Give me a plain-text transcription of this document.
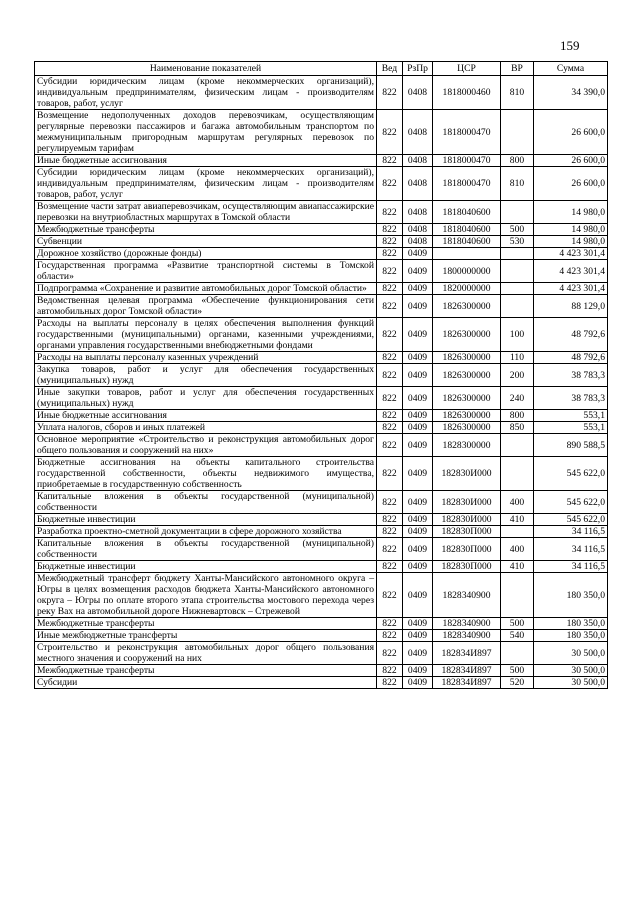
159
Наименование показателей	Вед	РзПр	ЦСР	ВР	Сумма
Субсидии юридическим лицам (кроме некоммерческих организаций), индивидуальным предпринимателям, физическим лицам - производителям товаров, работ, услуг	822	0408	1818000460	810	34 390,0
Возмещение недополученных доходов перевозчикам, осуществляющим регулярные перевозки пассажиров и багажа автомобильным транспортом по межмуниципальным пригородным маршрутам регулярных перевозок по регулируемым тарифам	822	0408	1818000470		26 600,0
Иные бюджетные ассигнования	822	0408	1818000470	800	26 600,0
Субсидии юридическим лицам (кроме некоммерческих организаций), индивидуальным предпринимателям, физическим лицам - производителям товаров, работ, услуг	822	0408	1818000470	810	26 600,0
Возмещение части затрат авиаперевозчикам, осуществляющим авиапассажирские перевозки на внутриобластных маршрутах в Томской области	822	0408	1818040600		14 980,0
Межбюджетные трансферты	822	0408	1818040600	500	14 980,0
Субвенции	822	0408	1818040600	530	14 980,0
Дорожное хозяйство (дорожные фонды)	822	0409			4 423 301,4
Государственная программа «Развитие транспортной системы в Томской области»	822	0409	1800000000		4 423 301,4
Подпрограмма «Сохранение и развитие автомобильных дорог Томской области»	822	0409	1820000000		4 423 301,4
Ведомственная целевая программа «Обеспечение функционирования сети автомобильных дорог Томской области»	822	0409	1826300000		88 129,0
Расходы на выплаты персоналу в целях обеспечения выполнения функций государственными (муниципальными) органами, казенными учреждениями, органами управления государственными внебюджетными фондами	822	0409	1826300000	100	48 792,6
Расходы на выплаты персоналу казенных учреждений	822	0409	1826300000	110	48 792,6
Закупка товаров, работ и услуг для обеспечения государственных (муниципальных) нужд	822	0409	1826300000	200	38 783,3
Иные закупки товаров, работ и услуг для обеспечения государственных (муниципальных) нужд	822	0409	1826300000	240	38 783,3
Иные бюджетные ассигнования	822	0409	1826300000	800	553,1
Уплата налогов, сборов и иных платежей	822	0409	1826300000	850	553,1
Основное мероприятие «Строительство и реконструкция автомобильных дорог общего пользования и сооружений на них»	822	0409	1828300000		890 588,5
Бюджетные ассигнования на объекты капитального строительства государственной собственности, объекты недвижимого имущества, приобретаемые в государственную собственность	822	0409	182830И000		545 622,0
Капитальные вложения в объекты государственной (муниципальной) собственности	822	0409	182830И000	400	545 622,0
Бюджетные инвестиции	822	0409	182830И000	410	545 622,0
Разработка проектно-сметной документации в сфере дорожного хозяйства	822	0409	182830П000		34 116,5
Капитальные вложения в объекты государственной (муниципальной) собственности	822	0409	182830П000	400	34 116,5
Бюджетные инвестиции	822	0409	182830П000	410	34 116,5
Межбюджетный трансферт бюджету Ханты-Мансийского автономного округа – Югры в целях возмещения расходов бюджета Ханты-Мансийского автономного округа – Югры по оплате второго этапа строительства мостового перехода через реку Вах на автомобильной дороге Нижневартовск – Стрежевой	822	0409	1828340900		180 350,0
Межбюджетные трансферты	822	0409	1828340900	500	180 350,0
Иные межбюджетные трансферты	822	0409	1828340900	540	180 350,0
Строительство и реконструкция автомобильных дорог общего пользования местного значения и сооружений на них	822	0409	182834И897		30 500,0
Межбюджетные трансферты	822	0409	182834И897	500	30 500,0
Субсидии	822	0409	182834И897	520	30 500,0
